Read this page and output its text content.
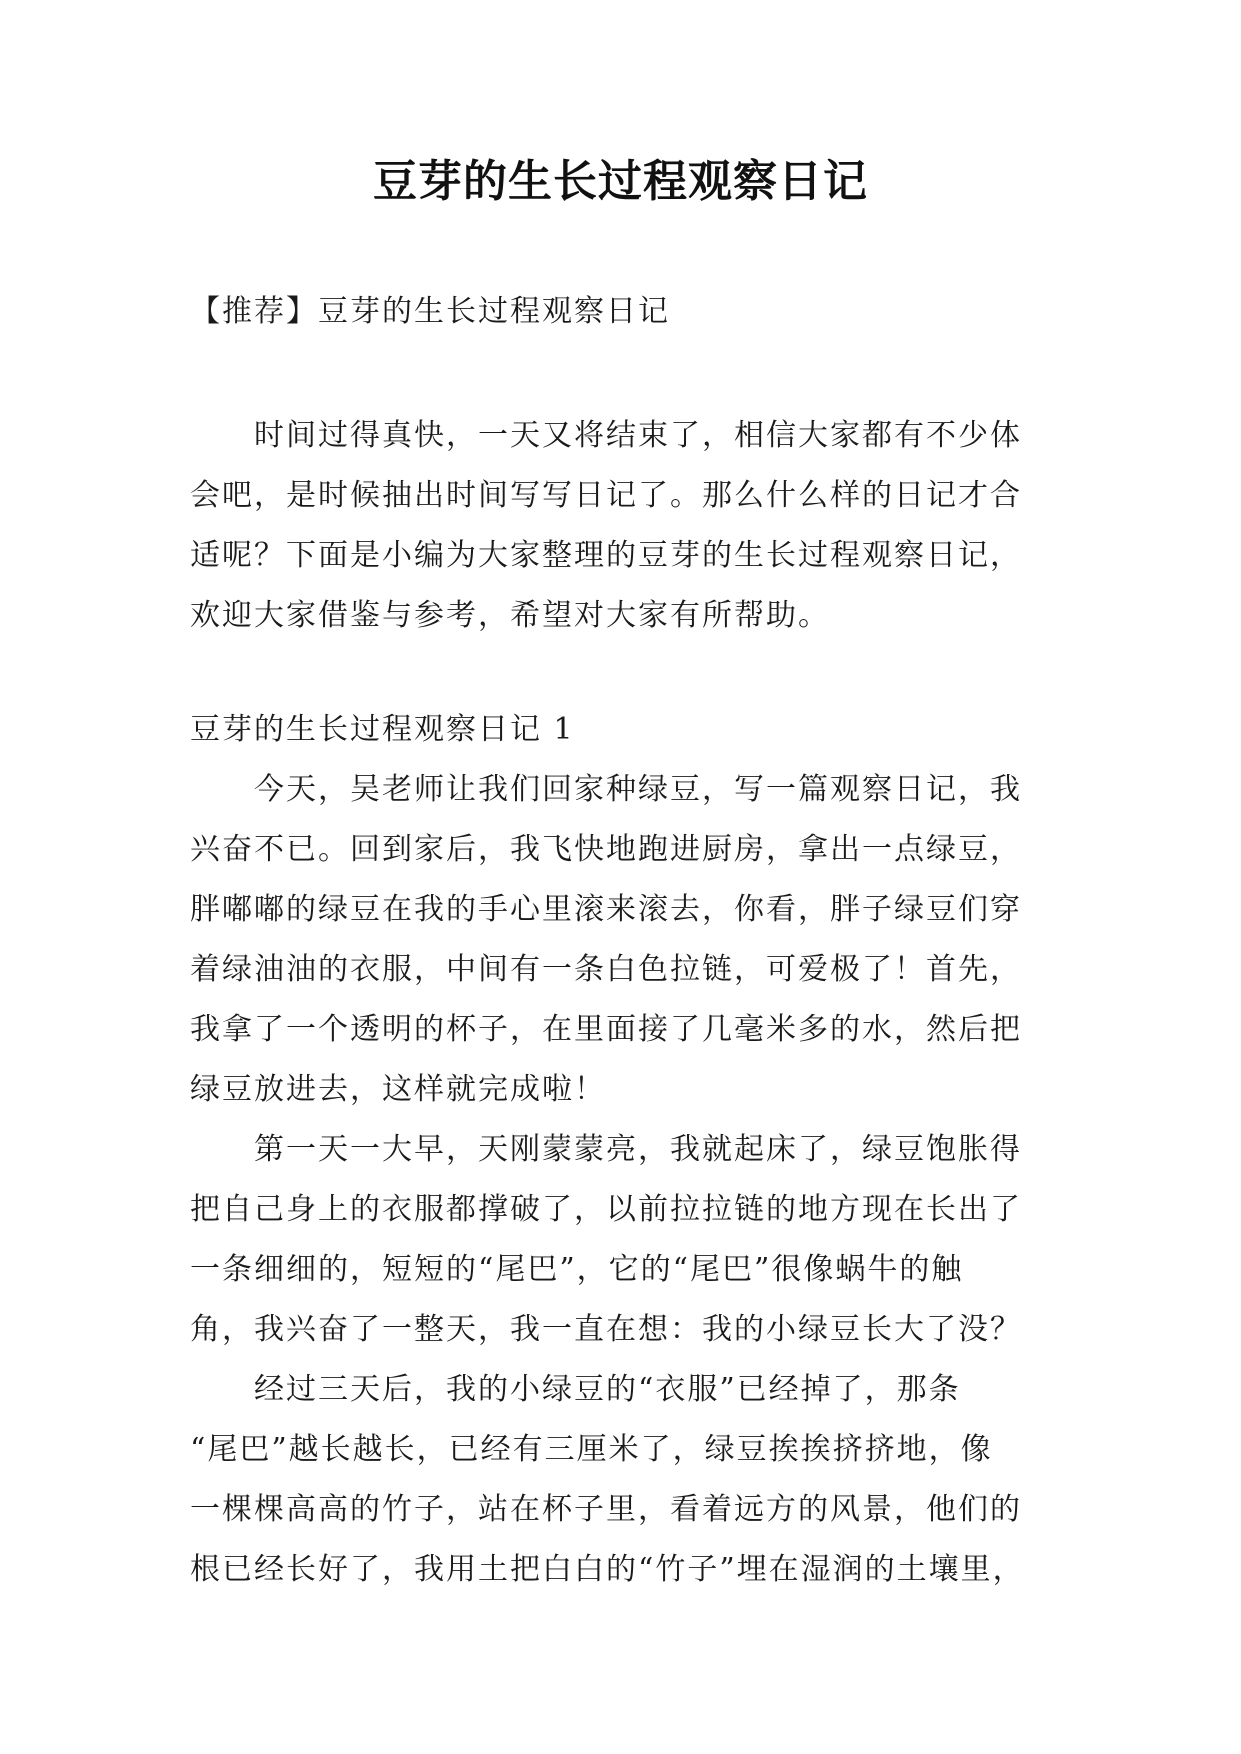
豆芽的生长过程观察日记
【推荐】豆芽的生长过程观察日记
时间过得真快，一天又将结束了，相信大家都有不少体
会吧，是时候抽出时间写写日记了。那么什么样的日记才合
适呢？下面是小编为大家整理的豆芽的生长过程观察日记，
欢迎大家借鉴与参考，希望对大家有所帮助。
豆芽的生长过程观察日记 1
今天，吴老师让我们回家种绿豆，写一篇观察日记，我
兴奋不已。回到家后，我飞快地跑进厨房，拿出一点绿豆，
胖嘟嘟的绿豆在我的手心里滚来滚去，你看，胖子绿豆们穿
着绿油油的衣服，中间有一条白色拉链，可爱极了！首先，
我拿了一个透明的杯子，在里面接了几毫米多的水，然后把
绿豆放进去，这样就完成啦！
第一天一大早，天刚蒙蒙亮，我就起床了，绿豆饱胀得
把自己身上的衣服都撑破了，以前拉拉链的地方现在长出了
一条细细的，短短的“尾巴”，它的“尾巴”很像蜗牛的触
角，我兴奋了一整天，我一直在想：我的小绿豆长大了没？
经过三天后，我的小绿豆的“衣服”已经掉了，那条
“尾巴”越长越长，已经有三厘米了，绿豆挨挨挤挤地，像
一棵棵高高的竹子，站在杯子里，看着远方的风景，他们的
根已经长好了，我用土把白白的“竹子”埋在湿润的土壤里，
